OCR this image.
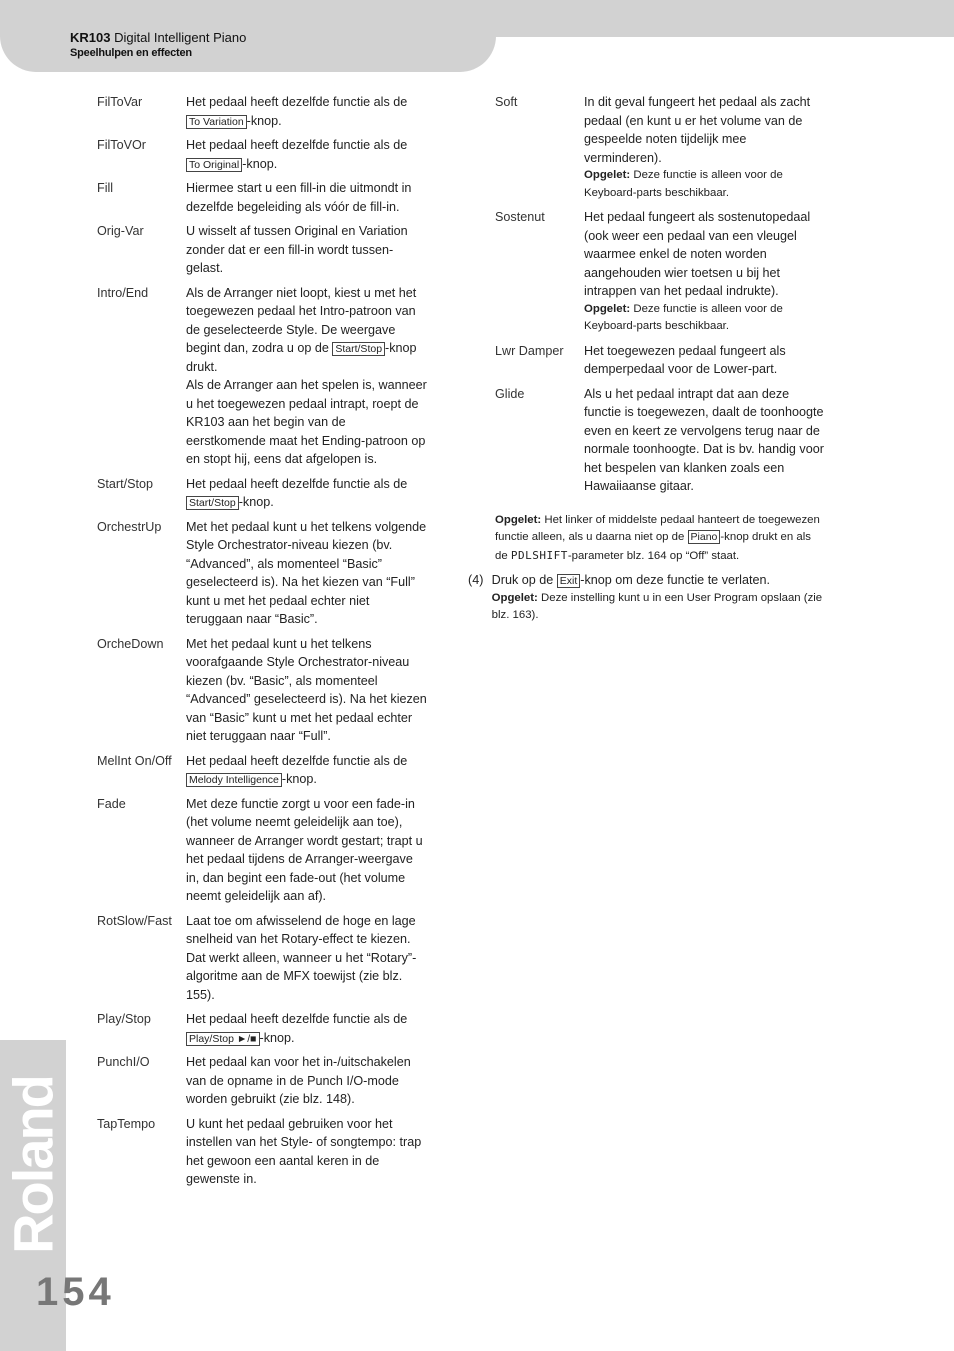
KR103 Digital Intelligent Piano
Speelhulpen en effecten
Roland
154
FilToVar	Het pedaal heeft dezelfde functie als de To Variation -knop.
FilToVOr	Het pedaal heeft dezelfde functie als de To Original -knop.
Fill	Hiermee start u een fill-in die uitmondt in dezelfde begeleiding als vóór de fill-in.
Orig-Var	U wisselt af tussen Original en Variation zonder dat er een fill-in wordt tussen-gelast.
Intro/End	Als de Arranger niet loopt, kiest u met het toegewezen pedaal het Intro-patroon van de geselecteerde Style. De weergave begint dan, zodra u op de Start/Stop -knop drukt.
Als de Arranger aan het spelen is, wanneer u het toegewezen pedaal intrapt, roept de KR103 aan het begin van de eerstkomende maat het Ending-patroon op en stopt hij, eens dat afgelopen is.
Start/Stop	Het pedaal heeft dezelfde functie als de Start/Stop -knop.
OrchestrUp	Met het pedaal kunt u het telkens volgende Style Orchestrator-niveau kiezen (bv. “Advanced”, als momenteel “Basic” geselecteerd is). Na het kiezen van “Full” kunt u met het pedaal echter niet teruggaan naar “Basic”.
OrcheDown	Met het pedaal kunt u het telkens voorafgaande Style Orchestrator-niveau kiezen (bv. “Basic”, als momenteel “Advanced” geselecteerd is). Na het kiezen van “Basic” kunt u met het pedaal echter niet teruggaan naar “Full”.
MelInt On/Off	Het pedaal heeft dezelfde functie als de Melody Intelligence -knop.
Fade	Met deze functie zorgt u voor een fade-in (het volume neemt geleidelijk aan toe), wanneer de Arranger wordt gestart; trapt u het pedaal tijdens de Arranger-weergave in, dan begint een fade-out (het volume neemt geleidelijk aan af).
RotSlow/Fast	Laat toe om afwisselend de hoge en lage snelheid van het Rotary-effect te kiezen. Dat werkt alleen, wanneer u het “Rotary”-algoritme aan de MFX toewijst (zie blz. 155).
Play/Stop	Het pedaal heeft dezelfde functie als de Play/Stop ►/■ -knop.
PunchI/O	Het pedaal kan voor het in-/uitschakelen van de opname in de Punch I/O-mode worden gebruikt (zie blz. 148).
TapTempo	U kunt het pedaal gebruiken voor het instellen van het Style- of songtempo: trap het gewoon een aantal keren in de gewenste in.
Soft	In dit geval fungeert het pedaal als zacht pedaal (en kunt u er het volume van de gespeelde noten tijdelijk mee verminderen).
Opgelet: Deze functie is alleen voor de Keyboard-parts beschikbaar.
Sostenut	Het pedaal fungeert als sostenutopedaal (ook weer een pedaal van een vleugel waarmee enkel de noten worden aangehouden wier toetsen u bij het intrappen van het pedaal indrukte).
Opgelet: Deze functie is alleen voor de Keyboard-parts beschikbaar.
Lwr Damper	Het toegewezen pedaal fungeert als demperpedaal voor de Lower-part.
Glide	Als u het pedaal intrapt dat aan deze functie is toegewezen, daalt de toonhoogte even en keert ze vervolgens terug naar de normale toonhoogte. Dat is bv. handig voor het bespelen van klanken zoals een Hawaiiaanse gitaar.
Opgelet: Het linker of middelste pedaal hanteert de toegewezen functie alleen, als u daarna niet op de Piano -knop drukt en als de PDLSHIFT-parameter blz. 164 op “Off” staat.
(4) Druk op de Exit -knop om deze functie te verlaten.
Opgelet: Deze instelling kunt u in een User Program opslaan (zie blz. 163).
